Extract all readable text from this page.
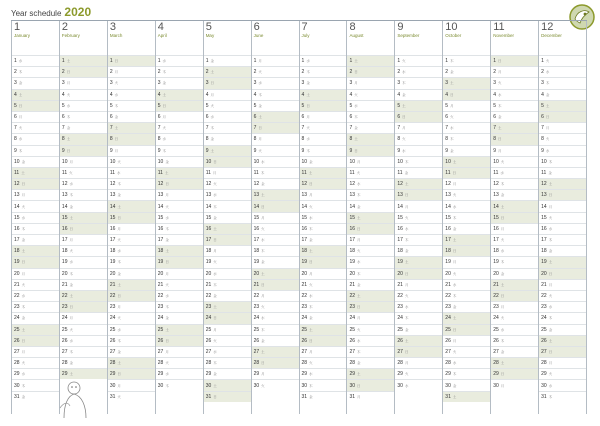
Year schedule 2020
1
January
1 水
2 木
3 金
4 土
5 日
6 月
7 火
8 水
9 木
10 金
11 土
12 日
13 月
14 火
15 水
16 木
17 金
18 土
19 日
20 月
21 火
22 水
23 木
24 金
25 土
26 日
27 月
28 火
29 水
30 木
31 金
2
February
1 土
2 日
3 月
4 火
5 水
6 木
7 金
8 土
9 日
10 月
11 火
12 水
13 木
14 金
15 土
16 日
17 月
18 火
19 水
20 木
21 金
22 土
23 日
24 月
25 火
26 水
27 木
28 金
29 土
3
March
1 日
2 月
3 火
4 水
5 木
6 金
7 土
8 日
9 月
10 火
11 水
12 木
13 金
14 土
15 日
16 月
17 火
18 水
19 木
20 金
21 土
22 日
23 月
24 火
25 水
26 木
27 金
28 土
29 日
30 月
31 火
4
April
1 水
2 木
3 金
4 土
5 日
6 月
7 火
8 水
9 木
10 金
11 土
12 日
13 月
14 火
15 水
16 木
17 金
18 土
19 日
20 月
21 火
22 水
23 木
24 金
25 土
26 日
27 月
28 火
29 水
30 木
5
May
1 金
2 土
3 日
4 月
5 火
6 水
7 木
8 金
9 土
10 日
11 月
12 火
13 水
14 木
15 金
16 土
17 日
18 月
19 火
20 水
21 木
22 金
23 土
24 日
25 月
26 火
27 水
28 木
29 金
30 土
31 日
6
June
1 月
2 火
3 水
4 木
5 金
6 土
7 日
8 月
9 火
10 水
11 木
12 金
13 土
14 日
15 月
16 火
17 水
18 木
19 金
20 土
21 日
22 月
23 火
24 水
25 木
26 金
27 土
28 日
29 月
30 火
7
July
1 水
2 木
3 金
4 土
5 日
6 月
7 火
8 水
9 木
10 金
11 土
12 日
13 月
14 火
15 水
16 木
17 金
18 土
19 日
20 月
21 火
22 水
23 木
24 金
25 土
26 日
27 月
28 火
29 水
30 木
31 金
8
August
1 土
2 日
3 月
4 火
5 水
6 木
7 金
8 土
9 日
10 月
11 火
12 水
13 木
14 金
15 土
16 日
17 月
18 火
19 水
20 木
21 金
22 土
23 日
24 月
25 火
26 水
27 木
28 金
29 土
30 日
31 月
9
September
1 火
2 水
3 木
4 金
5 土
6 日
7 月
8 火
9 水
10 木
11 金
12 土
13 日
14 月
15 火
16 水
17 木
18 金
19 土
20 日
21 月
22 火
23 水
24 木
25 金
26 土
27 日
28 月
29 火
30 水
10
October
1 木
2 金
3 土
4 日
5 月
6 火
7 水
8 木
9 金
10 土
11 日
12 月
13 火
14 水
15 木
16 金
17 土
18 日
19 月
20 火
21 水
22 木
23 金
24 土
25 日
26 月
27 火
28 水
29 木
30 金
31 土
11
November
1 日
2 月
3 火
4 水
5 木
6 金
7 土
8 日
9 月
10 火
11 水
12 木
13 金
14 土
15 日
16 月
17 火
18 水
19 木
20 金
21 土
22 日
23 月
24 火
25 水
26 木
27 金
28 土
29 日
30 月
12
December
1 火
2 水
3 木
4 金
5 土
6 日
7 月
8 火
9 水
10 木
11 金
12 土
13 日
14 月
15 火
16 水
17 木
18 金
19 土
20 日
21 月
22 火
23 水
24 木
25 金
26 土
27 日
28 月
29 火
30 水
31 木
